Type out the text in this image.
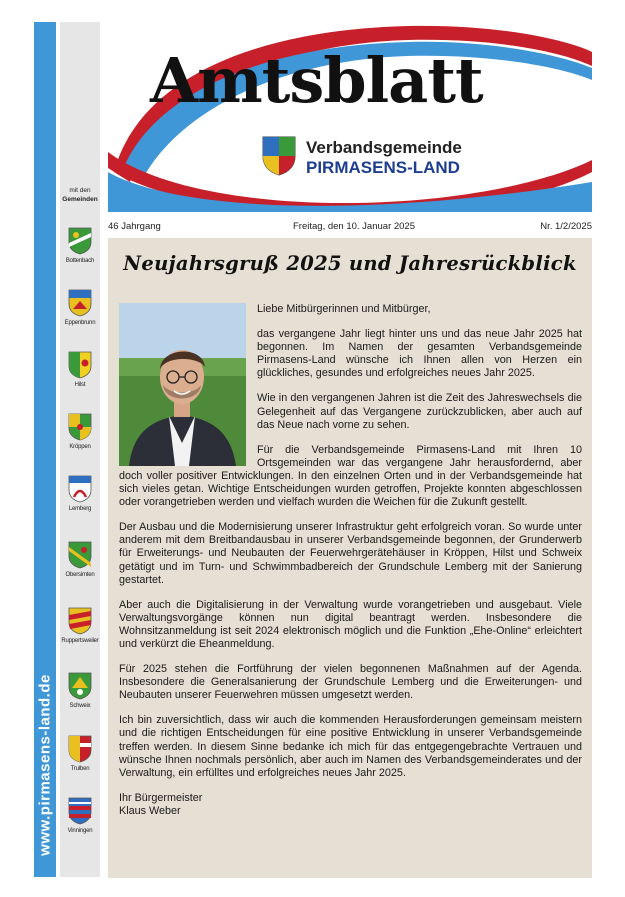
www.pirmasens-land.de
mit den
Gemeinden
Bottenbach
Eppenbrunn
Hilst
Kröppen
Lemberg
Obersimten
Ruppertsweiler
Schweix
Trulben
Vinningen
Amtsblatt
Verbandsgemeinde
PIRMASENS-LAND
46 Jahrgang	Freitag, den 10. Januar 2025	Nr. 1/2/2025
Neujahrsgruß 2025 und Jahresrückblick

Liebe Mitbürgerinnen und Mitbürger,

das vergangene Jahr liegt hinter uns und das neue Jahr 2025 hat begonnen. Im Namen der gesamten Verbandsgemeinde Pirmasens-Land wünsche ich Ihnen allen von Herzen ein glückliches, gesundes und erfolgreiches neues Jahr 2025.

Wie in den vergangenen Jahren ist die Zeit des Jahreswechsels die Gelegenheit auf das Vergangene zurückzublicken, aber auch auf das Neue nach vorne zu sehen.

Für die Verbandsgemeinde Pirmasens-Land mit Ihren 10 Ortsgemeinden war das vergangene Jahr herausfordernd, aber doch voller positiver Entwicklungen. In den einzelnen Orten und in der Verbandsgemeinde hat sich vieles getan. Wichtige Entscheidungen wurden getroffen, Projekte konnten abgeschlossen oder vorangetrieben werden und vielfach wurden die Weichen für die Zukunft gestellt.

Der Ausbau und die Modernisierung unserer Infrastruktur geht erfolgreich voran. So wurde unter anderem mit dem Breitbandausbau in unserer Verbandsgemeinde begonnen, der Grunderwerb für Erweiterungs- und Neubauten der Feuerwehrgerätehäuser in Kröppen, Hilst und Schweix getätigt und im Turn- und Schwimmbadbereich der Grundschule Lemberg mit der Sanierung gestartet.

Aber auch die Digitalisierung in der Verwaltung wurde vorangetrieben und ausgebaut. Viele Verwaltungsvorgänge können nun digital beantragt werden. Insbesondere die Wohnsitzanmeldung ist seit 2024 elektronisch möglich und die Funktion „Ehe-Online“ erleichtert und verkürzt die Eheanmeldung.

Für 2025 stehen die Fortführung der vielen begonnenen Maßnahmen auf der Agenda. Insbesondere die Generalsanierung der Grundschule Lemberg und die Erweiterungen- und Neubauten unserer Feuerwehren müssen umgesetzt werden.

Ich bin zuversichtlich, dass wir auch die kommenden Herausforderungen gemeinsam meistern und die richtigen Entscheidungen für eine positive Entwicklung in unserer Verbandsgemeinde treffen werden. In diesem Sinne bedanke ich mich für das entgegengebrachte Vertrauen und wünsche Ihnen nochmals persönlich, aber auch im Namen des Verbandsgemeinderates und der Verwaltung, ein erfülltes und erfolgreiches neues Jahr 2025.

Ihr Bürgermeister
Klaus Weber
